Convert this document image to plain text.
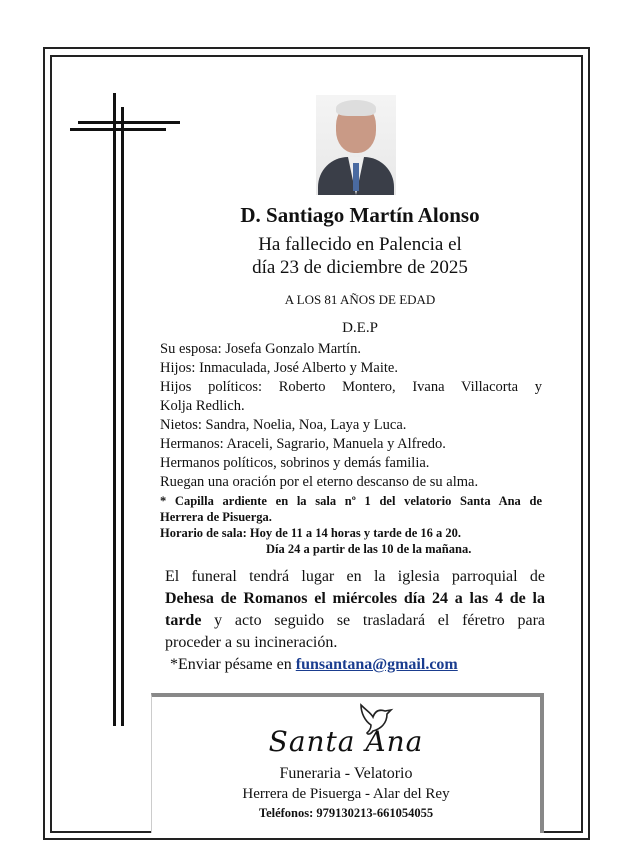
D. Santiago Martín Alonso
Ha fallecido en Palencia el
día 23 de diciembre de 2025
A LOS 81 AÑOS DE EDAD
D.E.P
Su esposa: Josefa Gonzalo Martín.
Hijos: Inmaculada, José Alberto y Maite.
Hijos políticos: Roberto Montero, Ivana Villacorta y
Kolja Redlich.
Nietos: Sandra, Noelia, Noa, Laya y Luca.
Hermanos: Araceli, Sagrario, Manuela y Alfredo.
Hermanos políticos, sobrinos y demás familia.
Ruegan una oración por el eterno descanso de su alma.
* Capilla ardiente en la sala nº 1 del velatorio Santa Ana de
Herrera de Pisuerga.
Horario de sala: Hoy de 11 a 14 horas y tarde de 16 a 20.
Día 24 a partir de las 10 de la mañana.
El funeral tendrá lugar en la iglesia parroquial de
Dehesa de Romanos el miércoles día 24 a las 4 de la
tarde y acto seguido se trasladará el féretro para
proceder a su incineración.
*Enviar pésame en funsantana@gmail.com
Santa Ana
Funeraria - Velatorio
Herrera de Pisuerga - Alar del Rey
Teléfonos: 979130213-661054055
